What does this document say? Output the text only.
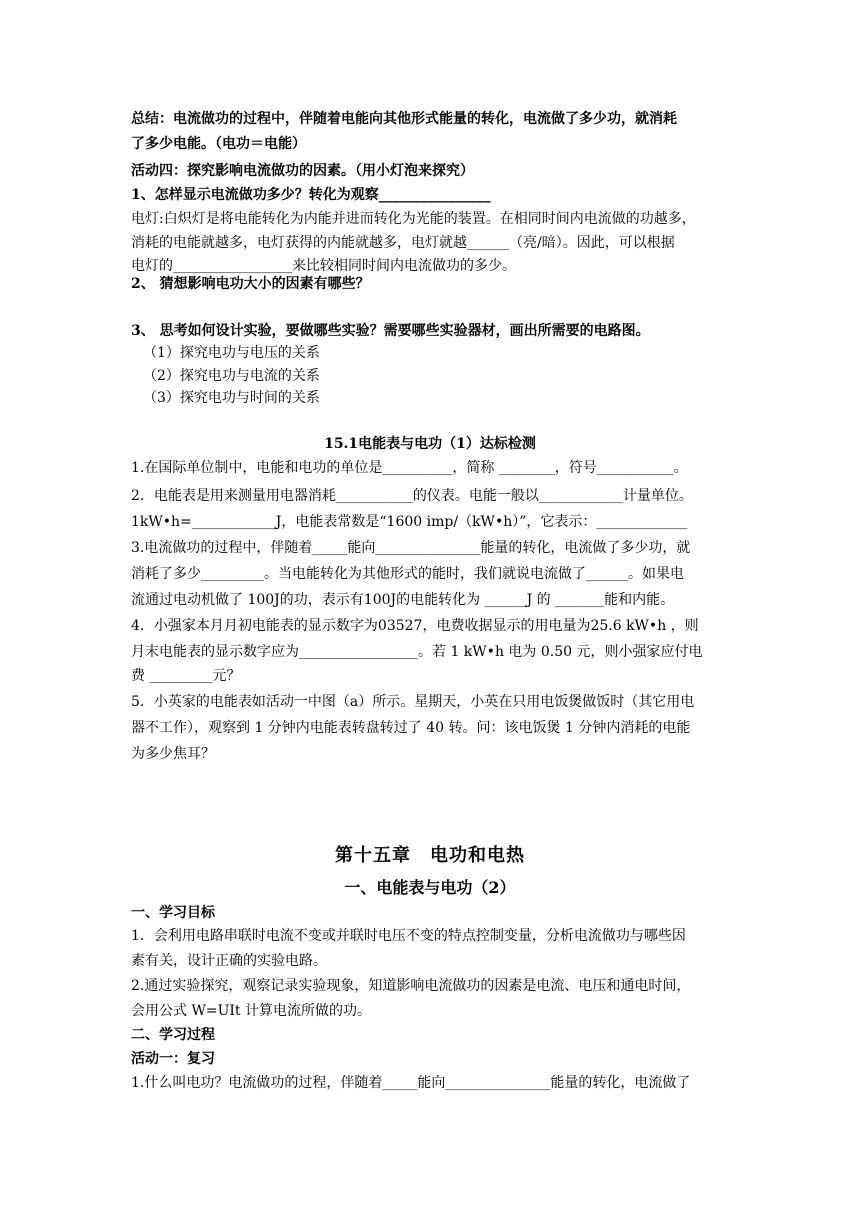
总结：电流做功的过程中，伴随着电能向其他形式能量的转化，电流做了多少功，就消耗
了多少电能。（电功＝电能）
活动四：探究影响电流做功的因素。（用小灯泡来探究）
1、怎样显示电流做功多少？转化为观察________________
电灯:白炽灯是将电能转化为内能并进而转化为光能的装置。在相同时间内电流做的功越多，
消耗的电能就越多，电灯获得的内能就越多，电灯就越______（亮/暗）。因此，可以根据
电灯的_________________来比较相同时间内电流做功的多少。
2、 猜想影响电功大小的因素有哪些？
3、 思考如何设计实验，要做哪些实验？需要哪些实验器材，画出所需要的电路图。
（1）探究电功与电压的关系
（2）探究电功与电流的关系
（3）探究电功与时间的关系
15.1电能表与电功（1）达标检测
1.在国际单位制中，电能和电功的单位是__________，简称 ________，符号___________。
2．电能表是用来测量用电器消耗___________的仪表。电能一般以____________计量单位。
1kW•h=____________J，电能表常数是“1600 imp/（kW•h）”，它表示：_____________
3.电流做功的过程中，伴随着_____能向_______________能量的转化，电流做了多少功，就
消耗了多少_________。当电能转化为其他形式的能时，我们就说电流做了______。如果电
流通过电动机做了 100J的功，表示有100J的电能转化为 ______J 的 _______能和内能。
4．小强家本月月初电能表的显示数字为03527，电费收据显示的用电量为25.6 kW•h ，则
月末电能表的显示数字应为_________________。若 1 kW•h 电为 0.50 元，则小强家应付电
费 _________元？
5．小英家的电能表如活动一中图（a）所示。星期天，小英在只用电饭煲做饭时（其它用电
器不工作），观察到 1 分钟内电能表转盘转过了 40 转。问：该电饭煲 1 分钟内消耗的电能
为多少焦耳？
第十五章　电功和电热
一、电能表与电功（2）
一、学习目标
1．会利用电路串联时电流不变或并联时电压不变的特点控制变量，分析电流做功与哪些因
素有关，设计正确的实验电路。
2.通过实验探究，观察记录实验现象，知道影响电流做功的因素是电流、电压和通电时间，
会用公式 W=UIt 计算电流所做的功。
二、学习过程
活动一：复习
1.什么叫电功？电流做功的过程，伴随着_____能向_______________能量的转化，电流做了
